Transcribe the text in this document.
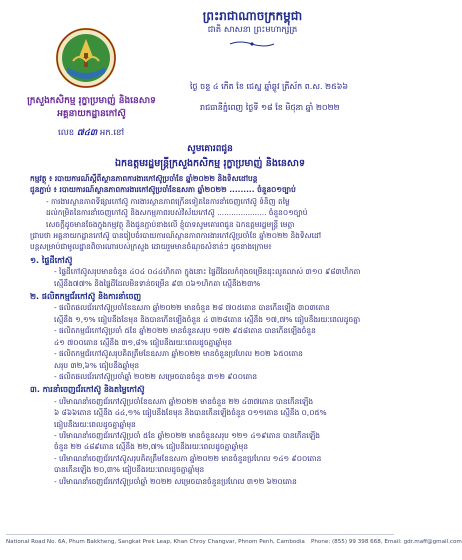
ព្រះរាជាណាចក្រកម្ពុជា
ជាតិ សាសនា ព្រះមហាក្សត្រ
ក្រសួងកសិកម្ម រុក្ខាប្រមាញ់ និងនេសាទ
អគ្គនាយកដ្ឋានកៅស៊ូ
ថ្ងៃ ចន្ទ ៤ កើត ខែ ជេស្ឋ ឆ្នាំឆ្លូវ ត្រីស័ក ព.ស. ២៥៦៦
រាជធានីភ្នំពេញ ថ្ងៃទី ១៨ ខែ មិថុនា ឆ្នាំ ២០២២
លេខ ៧៤៣ អក.ខៅ
សូមគោរពជូន
ឯកឧត្តមរដ្ឋមន្ត្រីក្រសួងកសិកម្ម រុក្ខាប្រមាញ់ និងនេសាទ
កម្មវត្ថុ ៖ របាយការណ៍ស្តីពីស្ថានភាពការងារកៅស៊ូប្រចាំខែ ឆ្នាំ២០២២ និងទិសដៅបន្ត
ជូនភ្ជាប់ ៖ របាយការណ៍ស្ថានភាពការងារកៅស៊ូប្រចាំខែឧសភា ឆ្នាំ២០២២ ......... ចំនួន០១ច្បាប់
- ការងារស្ថានភាពទីផ្សារកៅស៊ូ ការងារស្ថានភាពក្រើនទៀតនៃការនាំចេញកៅស៊ូ ទំនិញ តម្លៃ
ដល់កម្រិតនៃការនាំចេញកៅស៊ូ និងសកម្មភាពរបស់វិស័យកៅស៊ូ ..................... ចំនួន០១ច្បាប់
សេចក្តីដូចមានចែងក្នុងកម្មវត្ថុ និងជូនភ្ជាប់ខាងលើ ខ្ញុំបាទសូមគោរពជូន ឯកឧត្តមរដ្ឋមន្ត្រី មេត្តា
ជ្រាបថា អគ្គនាយកដ្ឋានកៅស៊ូ បានរៀបចំរបាយការណ៍ស្ថានភាពការងារកៅស៊ូប្រចាំខែ ឆ្នាំ២០២២ និងទិសដៅ
បន្តសម្រាប់ជាមូលដ្ឋានពិចារណារបស់ក្រសួង ដោយរួមមានចំណុចសំខាន់ៗ ដូចខាងក្រោម៖
១. ផ្ទៃដីកៅស៊ូ
- ផ្ទៃដីកៅស៊ូសរុបមានចំនួន ៤០៤ ០៤៤ហិកតា ក្នុងនោះ ផ្ទៃដីដែលកំពុងចម្រើនដុះលូតលាស់ ៣១០ ៩៨៣ហិកតា
ស្មើនឹង៧៧% និងផ្ទៃដីដែលមិនទាន់ចម្រើន ៩៣ ០៦១ហិកតា ស្មើនឹង២៣%
២. ផលិតកម្មជ័រកៅស៊ូ និងការនាំចេញ
- ផលិតផលជ័រកៅស៊ូប្រចាំខែឧសភា ឆ្នាំ២០២២ មានចំនួន ២៨ ៧០៥តោន បានកើនឡើង ៣០៣តោន
ស្មើនឹង ១,១% ធៀបនឹងខែមុន និងបានកើនឡើងចំនួន ៤ ៣២៨តោន ស្មើនឹង ១៧,៧% ធៀបនឹងរយៈពេលដូចគ្នា
- ផលិតកម្មជ័រកៅស៊ូប្រចាំ ៥ខែ ឆ្នាំ២០២២ មានចំនួនសរុប ១៧២ ៩៥៨តោន បានកើនឡើងចំនួន
៤១ ៧០០តោន ស្មើនឹង ៣១,៨% ធៀបនឹងរយៈពេលដូចគ្នាឆ្នាំមុន
- ផលិតកម្មជ័រកៅស៊ូសរុបគិតត្រឹមខែឧសភា ឆ្នាំ២០២២ មានចំនួនប្រហែល ២០២ ៦៥០តោន
សរុប ៣២,៦% ធៀបនឹងឆ្នាំមុន
- ផលិតផលជ័រកៅស៊ូប្រចាំឆ្នាំ ២០២២ សម្រេចបានចំនួន ៣១២ ៩០០តោន
៣. ការនាំចេញជ័រកៅស៊ូ និងតម្លៃកៅស៊ូ
- បរិមាណនាំចេញជ័រកៅស៊ូប្រចាំខែឧសភា ឆ្នាំ២០២២ មានចំនួន ២២ ៤៣៧តោន បានកើនឡើង
៦ ៨៦៦តោន ស្មើនឹង ៤៤,១% ធៀបនឹងខែមុន និងបានកើនឡើងចំនួន ០១១តោន ស្មើនឹង ០,០៥%
ធៀបនឹងរយៈពេលដូចគ្នាឆ្នាំមុន
- បរិមាណនាំចេញជ័រកៅស៊ូប្រចាំ ៥ខែ ឆ្នាំ២០២២ មានចំនួនសរុប ១២១ ៤១៩តោន បានកើនឡើង
ចំនួន ២២ ៤៨៩តោន ស្មើនឹង ២២,៧% ធៀបនឹងរយៈពេលដូចគ្នាឆ្នាំមុន
- បរិមាណនាំចេញជ័រកៅស៊ូសរុបគិតត្រឹមខែឧសភា ឆ្នាំ២០២២ មានចំនួនប្រហែល ១៤១ ៩០០តោន
បានកើនឡើង ២០,៣% ធៀបនឹងរយៈពេលដូចគ្នាឆ្នាំមុន
- បរិមាណនាំចេញជ័រកៅស៊ូប្រចាំឆ្នាំ ២០២២ សម្រេចបានចំនួនប្រហែល ៣១២ ៦២០តោន
National Road No. 6A, Phum Bakkheng, Sangkat Prek Leap, Khan Chroy Changvar, Phnom Penh, Cambodia Phone: (855) 99 398 668, Email: gdr.maff@gmail.com
